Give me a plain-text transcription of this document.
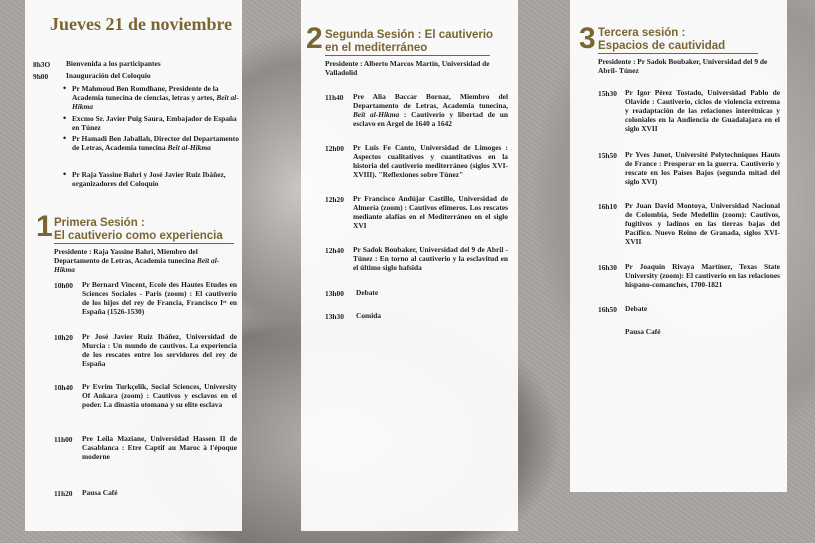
Jueves 21 de noviembre
8h3O Bienvenida a los participantes
9h00 Inauguración del Coloquio
• Pr Mahmoud Ben Romdhane, Presidente de la Academia tunecina de ciencias, letras y artes, Beït al-Hikma
• Excmo Sr. Javier Puig Saura, Embajador de España en Túnez
• Pr Hamadi Ben Jaballah, Director del Departamento de Letras, Academia tunecina Beït al-Hikma
• Pr Raja Yassine Bahri y José Javier Ruiz Ibáñez, organizadores del Coloquio
1 Primera Sesión :
El cautiverio como experiencia
Presidente : Raja Yassine Bahri, Miembro del Departamento de Letras, Academia tunecina Beït al-Hikma
10h00 Pr Bernard Vincent, Ecole des Hautes Etudes en Sciences Sociales - Paris (zoom) : El cautiverio de los hijos del rey de Francia, Francisco Iᵉʳ en España (1526-1530)
10h20 Pr José Javier Ruiz Ibáñez, Universidad de Murcia : Un mundo de cautivos. La experiencia de los rescates entre los servidores del rey de España
10h40 Pr Evrim Turkçelik, Social Sciences, University Of Ankara (zoom) : Cautivos y esclavos en el poder. La dinastía otomana y su elite esclava
11h00 Pre Leila Maziane, Universidad Hassen II de Casablanca : Etre Captif au Maroc à l'époque moderne
11h20 Pausa Café
2 Segunda Sesión : El cautiverio
en el mediterráneo
Presidente : Alberto Marcos Martín, Universidad de Valladolid
11h40 Pre Alia Baccar Bornaz, Miembro del Departamento de Letras, Academia tunecina, Beït al-Hikma : Cautiverio y libertad de un esclavo en Argel de 1640 a 1642
12h00 Pr Luis Fe Canto, Universidad de Limoges : Aspectos cualitativos y cuantitativos en la historia del cautiverio mediterráneo (siglos XVI-XVIII). "Reflexiones sobre Túnez"
12h20 Pr Francisco Andújar Castillo, Universidad de Almería (zoom) : Cautivos efímeros. Los rescates mediante alafías en el Mediterráneo en el siglo XVI
12h40 Pr Sadok Boubaker, Universidad del 9 de Abril - Túnez : En torno al cautiverio y la esclavitud en el último siglo hafsida
13h00 Debate
13h30 Comida
3 Tercera sesión :
Espacios de cautividad
Presidente : Pr Sadok Boubaker, Universidad del 9 de Abril- Túnez
15h30 Pr Igor Pérez Tostado, Universidad Pablo de Olavide : Cautiverio, ciclos de violencia extrema y readaptación de las relaciones interétnicas y coloniales en la Audiencia de Guadalajara en el siglo XVII
15h50 Pr Yves Junot, Université Polytechniques Hauts de France : Prosperar en la guerra. Cautiverio y rescate en los Países Bajos (segunda mitad del siglo XVI)
16h10 Pr Juan David Montoya, Universidad Nacional de Colombia, Sede Medellín (zoom): Cautivos, fugitivos y ladinos en las tierras bajas del Pacífico. Nuevo Reino de Granada, siglos XVI-XVII
16h30 Pr Joaquín Rivaya Martínez, Texas State University (zoom): El cautiverio en las relaciones hispano-comanches, 1700-1821
16h50 Debate
Pausa Café
